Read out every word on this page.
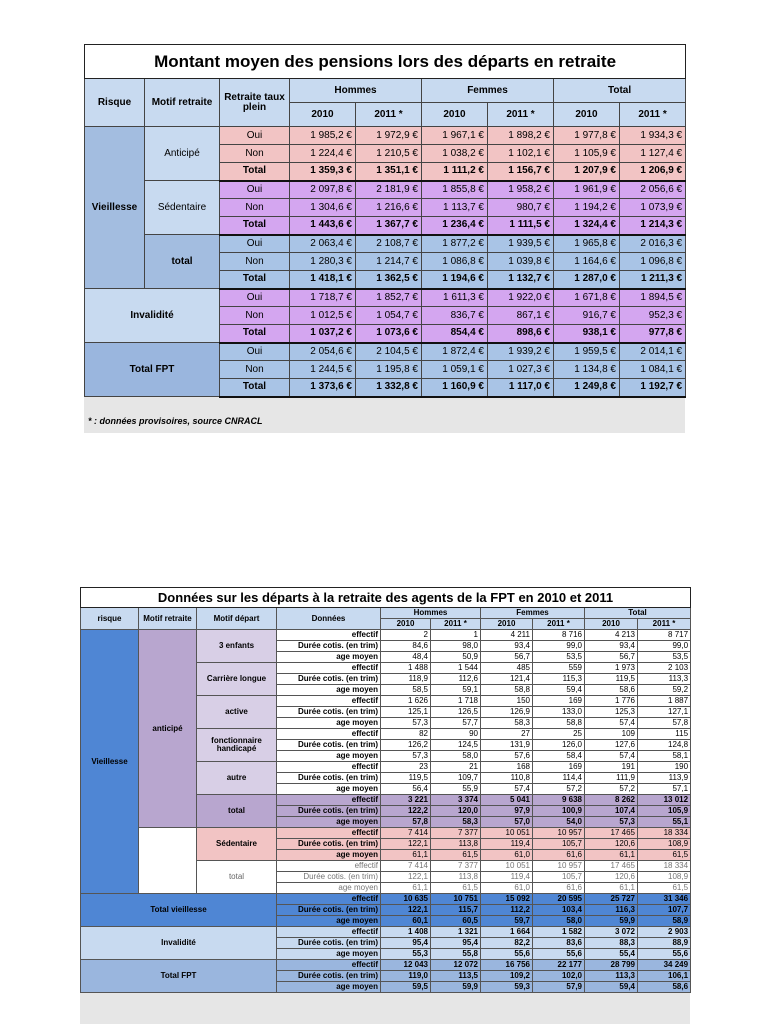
Montant moyen des pensions lors des départs en retraite								
Risque	Motif retraite	Retraite taux plein	Hommes		Femmes		Total	
			2010	2011 *	2010	2011 *	2010	2011 *
Vieillesse	Anticipé	Oui	1 985,2 €	1 972,9 €	1 967,1 €	1 898,2 €	1 977,8 €	1 934,3 €
		Non	1 224,4 €	1 210,5 €	1 038,2 €	1 102,1 €	1 105,9 €	1 127,4 €
		Total	1 359,3 €	1 351,1 €	1 111,2 €	1 156,7 €	1 207,9 €	1 206,9 €
	Sédentaire	Oui	2 097,8 €	2 181,9 €	1 855,8 €	1 958,2 €	1 961,9 €	2 056,6 €
		Non	1 304,6 €	1 216,6 €	1 113,7 €	980,7 €	1 194,2 €	1 073,9 €
		Total	1 443,6 €	1 367,7 €	1 236,4 €	1 111,5 €	1 324,4 €	1 214,3 €
	total	Oui	2 063,4 €	2 108,7 €	1 877,2 €	1 939,5 €	1 965,8 €	2 016,3 €
		Non	1 280,3 €	1 214,7 €	1 086,8 €	1 039,8 €	1 164,6 €	1 096,8 €
		Total	1 418,1 €	1 362,5 €	1 194,6 €	1 132,7 €	1 287,0 €	1 211,3 €
Invalidité		Oui	1 718,7 €	1 852,7 €	1 611,3 €	1 922,0 €	1 671,8 €	1 894,5 €
		Non	1 012,5 €	1 054,7 €	836,7 €	867,1 €	916,7 €	952,3 €
		Total	1 037,2 €	1 073,6 €	854,4 €	898,6 €	938,1 €	977,8 €
Total FPT		Oui	2 054,6 €	2 104,5 €	1 872,4 €	1 939,2 €	1 959,5 €	2 014,1 €
		Non	1 244,5 €	1 195,8 €	1 059,1 €	1 027,3 €	1 134,8 €	1 084,1 €
		Total	1 373,6 €	1 332,8 €	1 160,9 €	1 117,0 €	1 249,8 €	1 192,7 €
* : données provisoires, source CNRACL
Données sur les départs à la retraite des agents de la FPT en 2010 et 2011									
risque	Motif retraite	Motif départ	Données	Hommes		Femmes		Total	
				2010	2011 *	2010	2011 *	2010	2011 *
Vieillesse	anticipé	3 enfants	effectif	2	1	4 211	8 716	4 213	8 717
			Durée cotis. (en trim)	84,6	98,0	93,4	99,0	93,4	99,0
			age moyen	48,4	50,9	56,7	53,5	56,7	53,5
		Carrière longue	effectif	1 488	1 544	485	559	1 973	2 103
			Durée cotis. (en trim)	118,9	112,6	121,4	115,3	119,5	113,3
			age moyen	58,5	59,1	58,8	59,4	58,6	59,2
		active	effectif	1 626	1 718	150	169	1 776	1 887
			Durée cotis. (en trim)	125,1	126,5	126,9	133,0	125,3	127,1
			age moyen	57,3	57,7	58,3	58,8	57,4	57,8
		fonctionnaire handicapé	effectif	82	90	27	25	109	115
			Durée cotis. (en trim)	126,2	124,5	131,9	126,0	127,6	124,8
			age moyen	57,3	58,0	57,6	58,4	57,4	58,1
		autre	effectif	23	21	168	169	191	190
			Durée cotis. (en trim)	119,5	109,7	110,8	114,4	111,9	113,9
			age moyen	56,4	55,9	57,4	57,2	57,2	57,1
		total	effectif	3 221	3 374	5 041	9 638	8 262	13 012
			Durée cotis. (en trim)	122,2	120,0	97,9	100,9	107,4	105,9
			age moyen	57,8	58,3	57,0	54,0	57,3	55,1
		Sédentaire	effectif	7 414	7 377	10 051	10 957	17 465	18 334
			Durée cotis. (en trim)	122,1	113,8	119,4	105,7	120,6	108,9
			age moyen	61,1	61,5	61,0	61,6	61,1	61,5
		total	effectif	7 414	7 377	10 051	10 957	17 465	18 334
			Durée cotis. (en trim)	122,1	113,8	119,4	105,7	120,6	108,9
			age moyen	61,1	61,5	61,0	61,6	61,1	61,5
Total vieillesse			effectif	10 635	10 751	15 092	20 595	25 727	31 346
			Durée cotis. (en trim)	122,1	115,7	112,2	103,4	116,3	107,7
			age moyen	60,1	60,5	59,7	58,0	59,9	58,9
Invalidité			effectif	1 408	1 321	1 664	1 582	3 072	2 903
			Durée cotis. (en trim)	95,4	95,4	82,2	83,6	88,3	88,9
			age moyen	55,3	55,8	55,6	55,6	55,4	55,6
Total FPT			effectif	12 043	12 072	16 756	22 177	28 799	34 249
			Durée cotis. (en trim)	119,0	113,5	109,2	102,0	113,3	106,1
			age moyen	59,5	59,9	59,3	57,9	59,4	58,6
